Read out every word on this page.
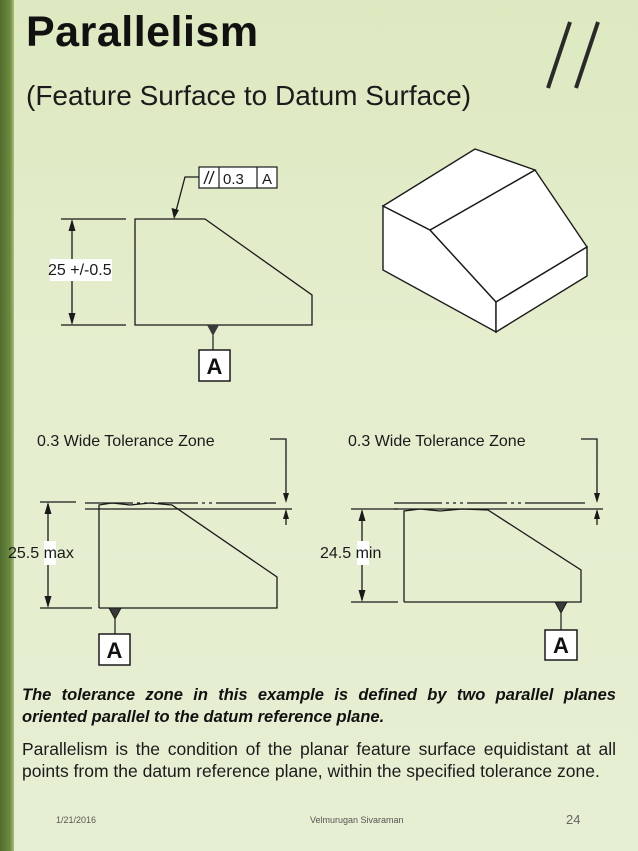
Parallelism
(Feature Surface to Datum Surface)
25 +/-0.5
0.3 A
A
0.3 Wide Tolerance Zone
25.5 max
A
0.3 Wide Tolerance Zone
24.5 min
A
The tolerance zone in this example is defined by two parallel planes oriented parallel to the datum reference plane.
Parallelism is the condition of the planar feature surface equidistant at all points from the datum reference plane, within the specified tolerance zone.
1/21/2016	Velmurugan Sivaraman	24
